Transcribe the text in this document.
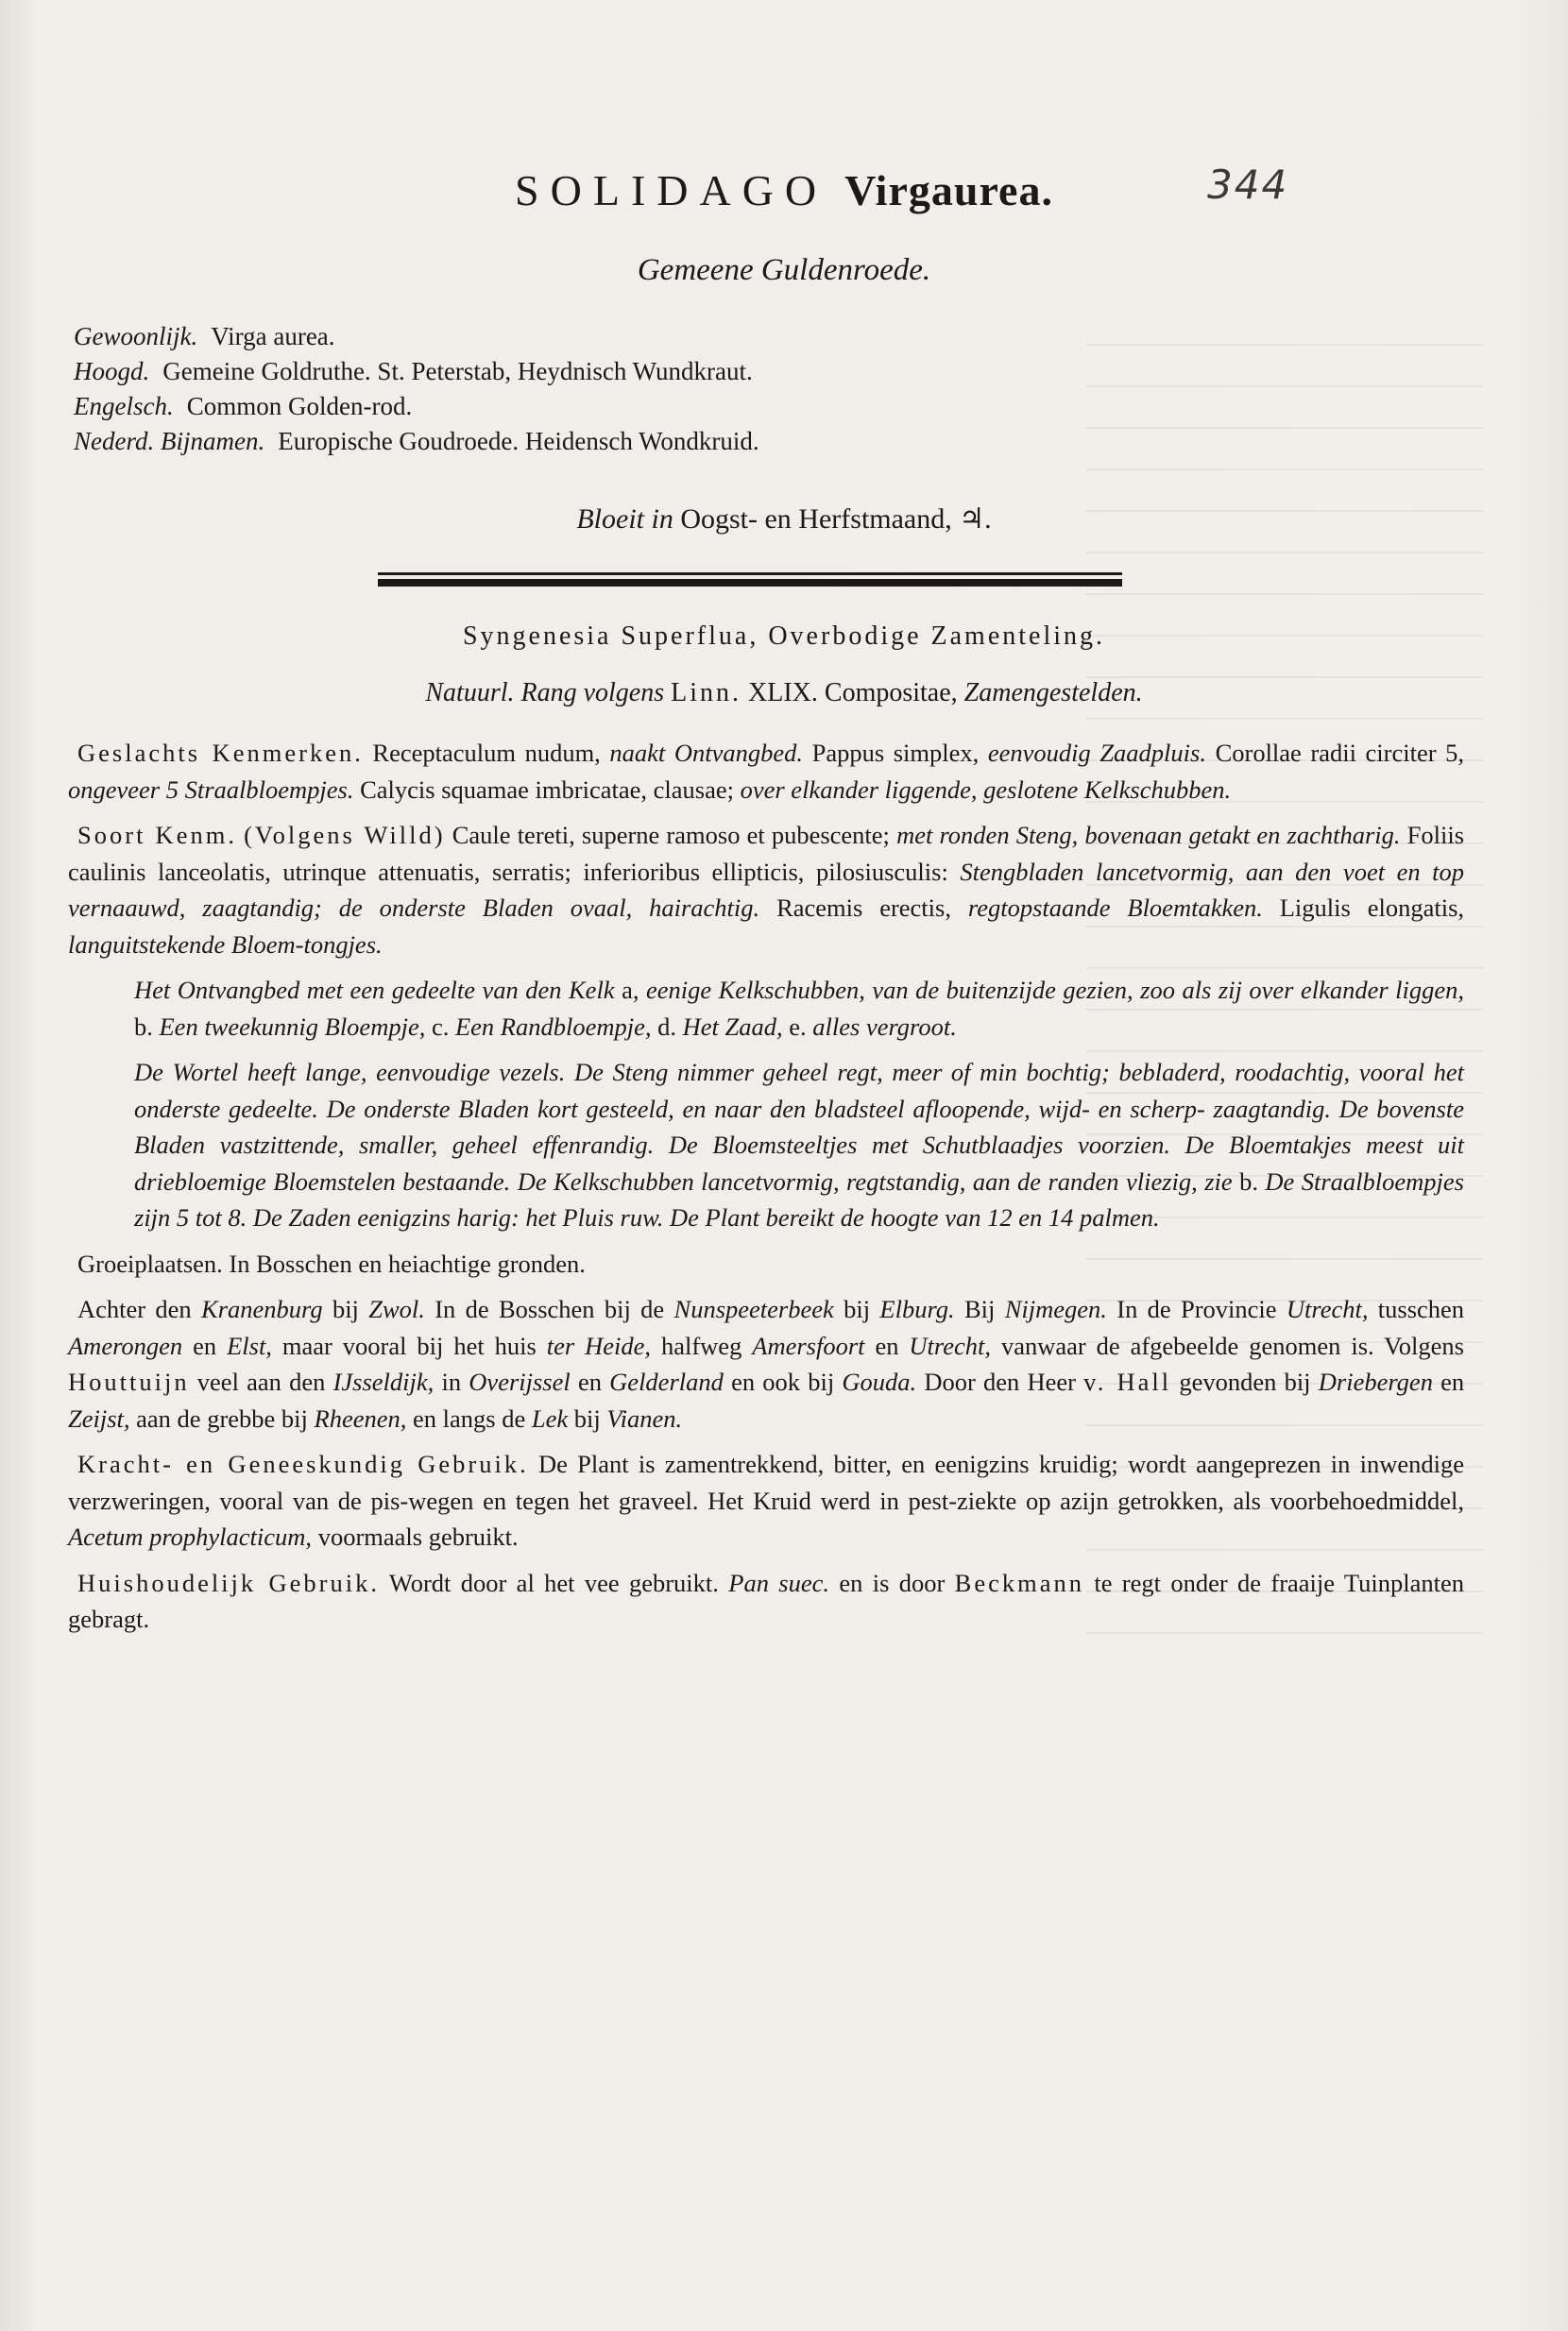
SOLIDAGO Virgaurea.	344
Gemeene Guldenroede.
Gewoonlijk. Virga aurea.
Hoogd. Gemeine Goldruthe. St. Peterstab, Heydnisch Wundkraut.
Engelsch. Common Golden-rod.
Nederd. Bijnamen. Europische Goudroede. Heidensch Wondkruid.
Bloeit in Oogst- en Herfstmaand, ♃.
Syngenesia Superflua, Overbodige Zamenteling.
Natuurl. Rang volgens Linn. XLIX. Compositae, Zamengestelden.

Geslachts Kenmerken. Receptaculum nudum, naakt Ontvangbed. Pappus simplex, eenvoudig Zaadpluis. Corollae radii circiter 5, ongeveer 5 Straalbloempjes. Calycis squamae imbricatae, clausae; over elkander liggende, geslotene Kelkschubben.

Soort Kenm. (Volgens Willd) Caule tereti, superne ramoso et pubescente; met ronden Steng, bovenaan getakt en zachtharig. Foliis caulinis lanceolatis, utrinque attenuatis, serratis; inferioribus ellipticis, pilosiusculis: Stengbladen lancetvormig, aan den voet en top vernaauwd, zaagtandig; de onderste Bladen ovaal, hairachtig. Racemis erectis, regtopstaande Bloemtakken. Ligulis elongatis, languitstekende Bloem-tongjes.

Het Ontvangbed met een gedeelte van den Kelk a, eenige Kelkschubben, van de buitenzijde gezien, zoo als zij over elkander liggen, b. Een tweekunnig Bloempje, c. Een Randbloempje, d. Het Zaad, e. alles vergroot.

De Wortel heeft lange, eenvoudige vezels. De Steng nimmer geheel regt, meer of min bochtig; bebladerd, roodachtig, vooral het onderste gedeelte. De onderste Bladen kort gesteeld, en naar den bladsteel afloopende, wijd- en scherp- zaagtandig. De bovenste Bladen vastzittende, smaller, geheel effenrandig. De Bloemsteeltjes met Schutblaadjes voorzien. De Bloemtakjes meest uit driebloemige Bloemstelen bestaande. De Kelkschubben lancetvormig, regtstandig, aan de randen vliezig, zie b. De Straalbloempjes zijn 5 tot 8. De Zaden eenigzins harig: het Pluis ruw. De Plant bereikt de hoogte van 12 en 14 palmen.

Groeiplaatsen. In Bosschen en heiachtige gronden.

Achter den Kranenburg bij Zwol. In de Bosschen bij de Nunspeeterbeek bij Elburg. Bij Nijmegen. In de Provincie Utrecht, tusschen Amerongen en Elst, maar vooral bij het huis ter Heide, halfweg Amersfoort en Utrecht, vanwaar de afgebeelde genomen is. Volgens Houttuijn veel aan den IJsseldijk, in Overijssel en Gelderland en ook bij Gouda. Door den Heer v. Hall gevonden bij Driebergen en Zeijst, aan de grebbe bij Rheenen, en langs de Lek bij Vianen.

Kracht- en Geneeskundig Gebruik. De Plant is zamentrekkend, bitter, en eenigzins kruidig; wordt aangeprezen in inwendige verzweringen, vooral van de pis-wegen en tegen het graveel. Het Kruid werd in pest-ziekte op azijn getrokken, als voorbehoedmiddel, Acetum prophylacticum, voormaals gebruikt.

Huishoudelijk Gebruik. Wordt door al het vee gebruikt. Pan suec. en is door Beckmann te regt onder de fraaije Tuinplanten gebragt.
